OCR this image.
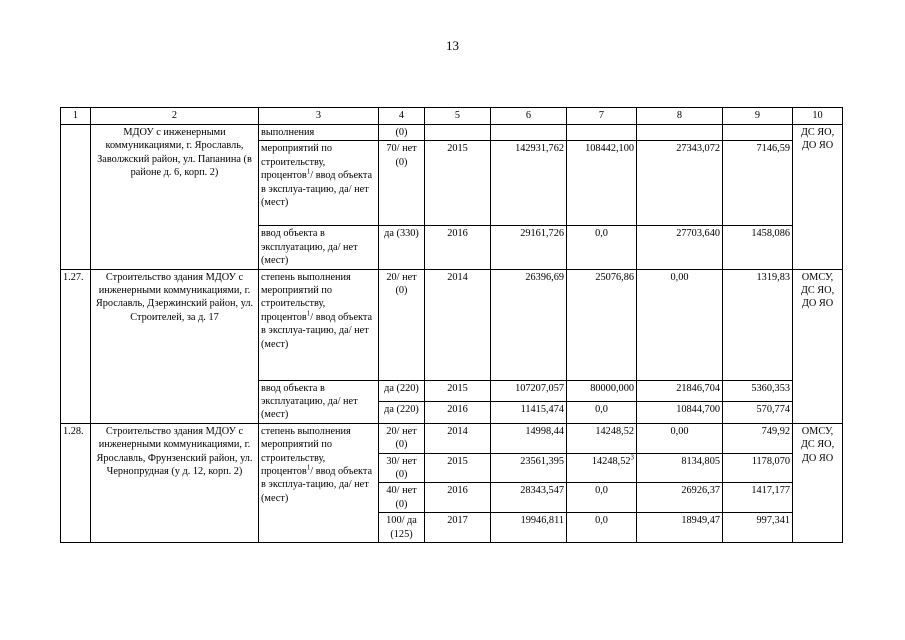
13
1	2	3	4	5	6	7	8	9	10
	МДОУ с инженерными коммуникациями, г. Ярославль, Заволжский район, ул. Папанина (в районе д. 6, корп. 2)	выполнения	(0)						ДС ЯО, ДО ЯО
		мероприятий по строительству, процентов$^1$/ ввод объекта в эксплуа-тацию, да/ нет (мест)	70/ нет (0)	2015	142931,762	108442,100	27343,072	7146,59	
		ввод объекта в эксплуатацию, да/ нет (мест)	да (330)	2016	29161,726	0,0	27703,640	1458,086	
1.27.	Строительство здания МДОУ с инженерными коммуникациями, г. Ярославль, Дзержинский район, ул. Строителей, за д. 17	степень выполнения мероприятий по строительству, процентов$^1$/ ввод объекта в эксплуа-тацию, да/ нет (мест)	20/ нет (0)	2014	26396,69	25076,86	0,00	1319,83	ОМСУ, ДС ЯО, ДО ЯО
		ввод объекта в эксплуатацию, да/ нет (мест)	да (220)	2015	107207,057	80000,000	21846,704	5360,353	
			да (220)	2016	11415,474	0,0	10844,700	570,774	
1.28.	Строительство здания МДОУ с инженерными коммуникациями, г. Ярославль, Фрунзенский район, ул. Чернопрудная (у д. 12, корп. 2)	степень выполнения мероприятий по строительству, процентов$^1$/ ввод объекта в эксплуа-тацию, да/ нет (мест)	20/ нет (0)	2014	14998,44	14248,52	0,00	749,92	ОМСУ, ДС ЯО, ДО ЯО
			30/ нет (0)	2015	23561,395	14248,52$^3$	8134,805	1178,070	
			40/ нет (0)	2016	28343,547	0,0	26926,37	1417,177	
			100/ да (125)	2017	19946,811	0,0	18949,47	997,341	
